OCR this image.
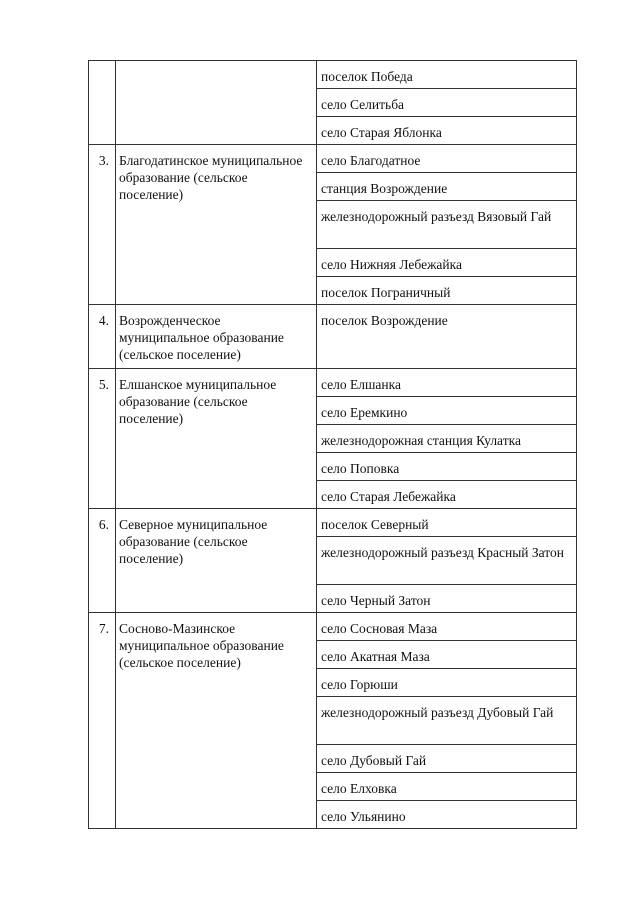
		поселок Победа
		село Селитьба
		село Старая Яблонка
3.	Благодатинское муниципальное образование (сельское поселение)	село Благодатное
		станция Возрождение

		железнодорожный разъезд Вязовый Гай

		село Нижняя Лебежайка
		поселок Пограничный
4.	Возрожденческое муниципальное образование (сельское поселение)	поселок Возрождение
5.	Елшанское муниципальное образование (сельское поселение)	село Елшанка
		село Еремкино
		железнодорожная станция Кулатка
		село Поповка
		село Старая Лебежайка
6.	Северное муниципальное образование (сельское поселение)	поселок Северный

		железнодорожный разъезд Красный Затон

		село Черный Затон
7.	Сосново-Мазинское муниципальное образование (сельское поселение)	село Сосновая Маза
		село Акатная Маза
		село Горюши

		железнодорожный разъезд Дубовый Гай

		село Дубовый Гай
		село Елховка
		село Ульянино
